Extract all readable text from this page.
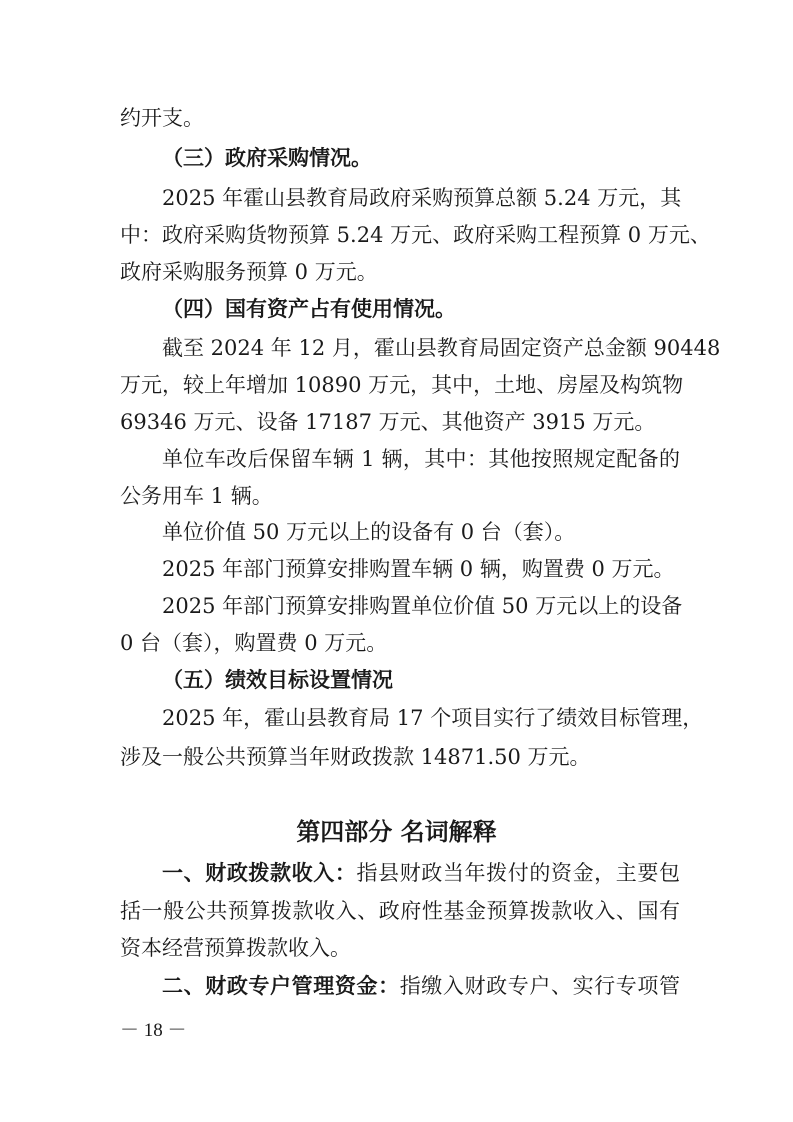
约开支。
（三）政府采购情况。
2025 年霍山县教育局政府采购预算总额 5.24 万元，其
中：政府采购货物预算 5.24 万元、政府采购工程预算 0 万元、
政府采购服务预算 0 万元。
（四）国有资产占有使用情况。
截至 2024 年 12 月，霍山县教育局固定资产总金额 90448
万元，较上年增加 10890 万元，其中，土地、房屋及构筑物
69346 万元、设备 17187 万元、其他资产 3915 万元。
单位车改后保留车辆 1 辆，其中：其他按照规定配备的
公务用车 1 辆。
单位价值 50 万元以上的设备有 0 台（套）。
2025 年部门预算安排购置车辆 0 辆，购置费 0 万元。
2025 年部门预算安排购置单位价值 50 万元以上的设备
0 台（套），购置费 0 万元。
（五）绩效目标设置情况
2025 年，霍山县教育局 17 个项目实行了绩效目标管理，
涉及一般公共预算当年财政拨款 14871.50 万元。
第四部分 名词解释
一、财政拨款收入：指县财政当年拨付的资金，主要包
括一般公共预算拨款收入、政府性基金预算拨款收入、国有
资本经营预算拨款收入。
二、财政专户管理资金：指缴入财政专户、实行专项管
－ 18 －
